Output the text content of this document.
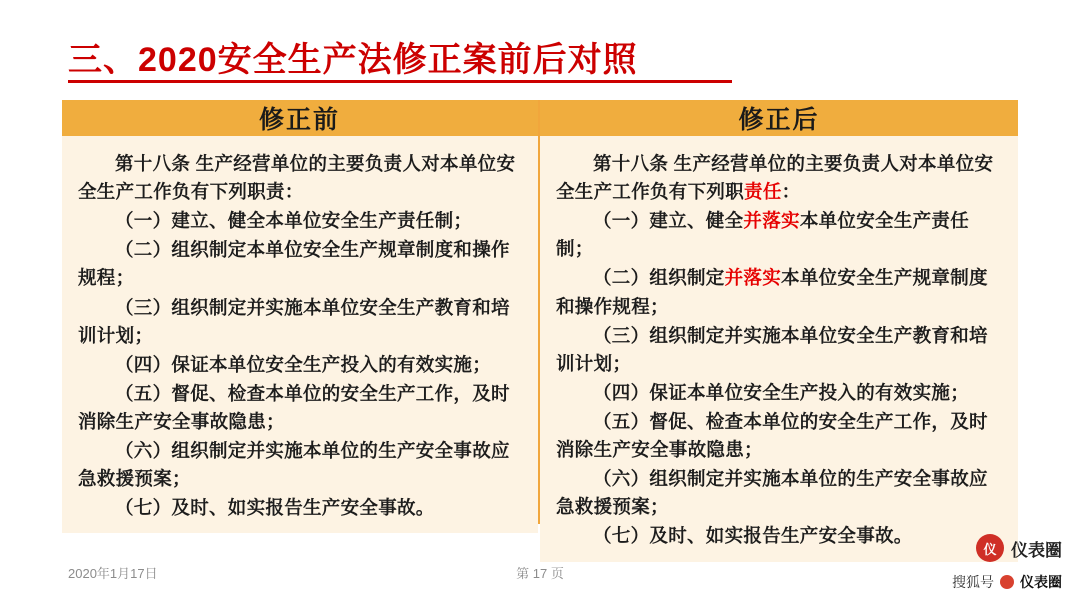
三、2020安全生产法修正案前后对照
修正前

第十八条 生产经营单位的主要负责人对本单位安全生产工作负有下列职责：

（一）建立、健全本单位安全生产责任制；

（二）组织制定本单位安全生产规章制度和操作规程；

（三）组织制定并实施本单位安全生产教育和培训计划；

（四）保证本单位安全生产投入的有效实施；

（五）督促、检查本单位的安全生产工作，及时消除生产安全事故隐患；

（六）组织制定并实施本单位的生产安全事故应急救援预案；

（七）及时、如实报告生产安全事故。

修正后

第十八条 生产经营单位的主要负责人对本单位安全生产工作负有下列职责任：

（一）建立、健全并落实本单位安全生产责任制；

（二）组织制定并落实本单位安全生产规章制度和操作规程；

（三）组织制定并实施本单位安全生产教育和培训计划；

（四）保证本单位安全生产投入的有效实施；

（五）督促、检查本单位的安全生产工作，及时消除生产安全事故隐患；

（六）组织制定并实施本单位的生产安全事故应急救援预案；

（七）及时、如实报告生产安全事故。

2020年1月17日	第 17 页
仪 仪表圈
搜狐号 仪表圈
